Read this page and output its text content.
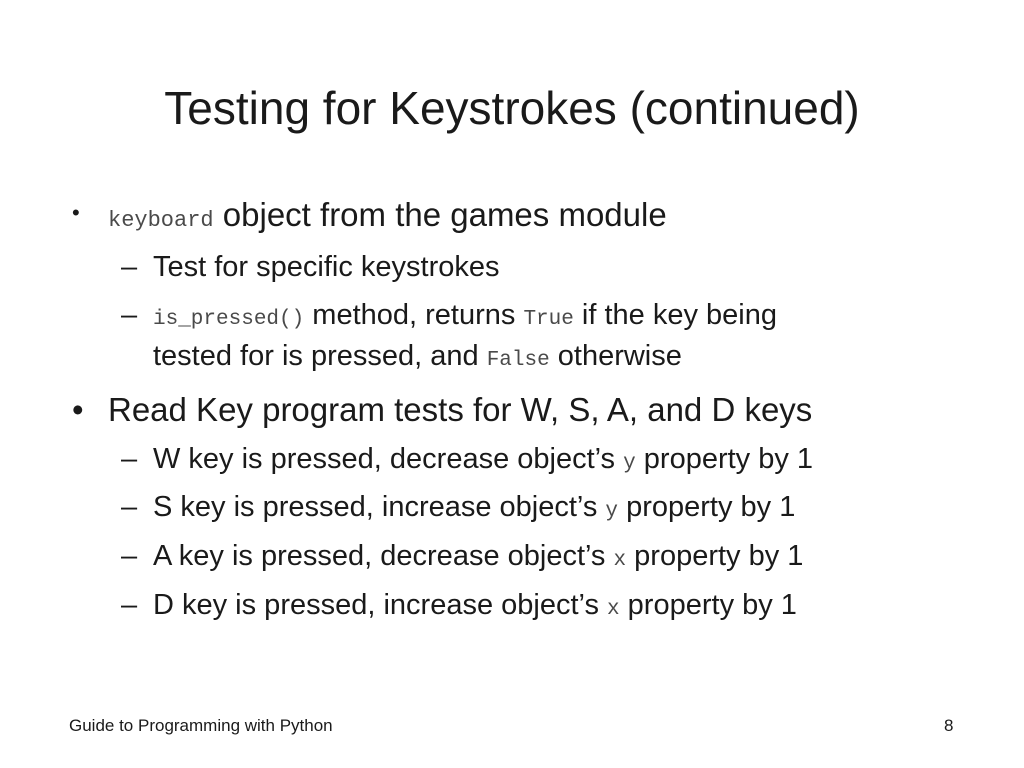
Testing for Keystrokes (continued)
• keyboard object from the games module
– Test for specific keystrokes
– is_pressed() method, returns True if the key being
tested for is pressed, and False otherwise
• Read Key program tests for W, S, A, and D keys
– W key is pressed, decrease object’s y property by 1
– S key is pressed, increase object’s y property by 1
– A key is pressed, decrease object’s x property by 1
– D key is pressed, increase object’s x property by 1
Guide to Programming with Python	8
